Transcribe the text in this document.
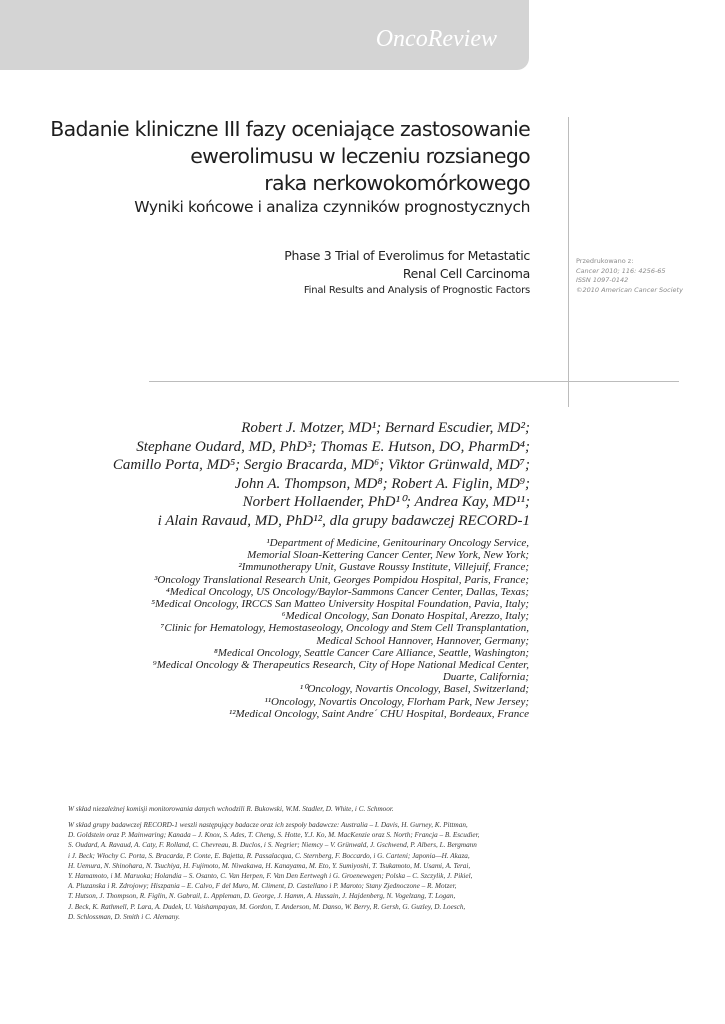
OncoReview
Badanie kliniczne III fazy oceniające zastosowanie
ewerolimusu w leczeniu rozsianego
raka nerkowokomórkowego
Wyniki końcowe i analiza czynników prognostycznych
Phase 3 Trial of Everolimus for Metastatic
Renal Cell Carcinoma
Final Results and Analysis of Prognostic Factors
Przedrukowano z:
Cancer 2010; 116: 4256-65
ISSN 1097-0142
©2010 American Cancer Society
Robert J. Motzer, MD¹; Bernard Escudier, MD²;
Stephane Oudard, MD, PhD³; Thomas E. Hutson, DO, PharmD⁴;
Camillo Porta, MD⁵; Sergio Bracarda, MD⁶; Viktor Grünwald, MD⁷;
John A. Thompson, MD⁸; Robert A. Figlin, MD⁹;
Norbert Hollaender, PhD¹⁰; Andrea Kay, MD¹¹;
i Alain Ravaud, MD, PhD¹², dla grupy badawczej RECORD-1
¹Department of Medicine, Genitourinary Oncology Service,
Memorial Sloan-Kettering Cancer Center, New York, New York;
²Immunotherapy Unit, Gustave Roussy Institute, Villejuif, France;
³Oncology Translational Research Unit, Georges Pompidou Hospital, Paris, France;
⁴Medical Oncology, US Oncology/Baylor-Sammons Cancer Center, Dallas, Texas;
⁵Medical Oncology, IRCCS San Matteo University Hospital Foundation, Pavia, Italy;
⁶Medical Oncology, San Donato Hospital, Arezzo, Italy;
⁷Clinic for Hematology, Hemostaseology, Oncology and Stem Cell Transplantation,
Medical School Hannover, Hannover, Germany;
⁸Medical Oncology, Seattle Cancer Care Alliance, Seattle, Washington;
⁹Medical Oncology & Therapeutics Research, City of Hope National Medical Center,
Duarte, California;
¹⁰Oncology, Novartis Oncology, Basel, Switzerland;
¹¹Oncology, Novartis Oncology, Florham Park, New Jersey;
¹²Medical Oncology, Saint Andre´ CHU Hospital, Bordeaux, France
W skład niezależnej komisji monitorowania danych wchodzili R. Bukowski, W.M. Stadler, D. White, i C. Schmoor.
W skład grupy badawczej RECORD-1 weszli następujący badacze oraz ich zespoły badawcze: Australia – I. Davis, H. Gurney, K. Pittman,
D. Goldstein oraz P. Mainwaring; Kanada – J. Knox, S. Ades, T. Cheng, S. Hotte, Y.J. Ko, M. MacKenzie oraz S. North; Francja – B. Escudier,
S. Oudard, A. Ravaud, A. Caty, F. Rolland, C. Chevreau, B. Duclos, i S. Negrier; Niemcy – V. Grünwald, J. Gschwend, P. Albers, L. Bergmann
i J. Beck; Włochy C. Porta, S. Bracarda, P. Conte, E. Bajetta, R. Passalacqua, C. Sternberg, F. Boccardo, i G. Carteni; Japonia—H. Akaza,
H. Uemura, N. Shinohara, N. Tsuchiya, H. Fujimoto, M. Niwakawa, H. Kanayama, M. Eto, Y. Sumiyoshi, T. Tsukamoto, M. Usami, A. Terai,
Y. Hamamoto, i M. Maruoka; Holandia – S. Osanto, C. Van Herpen, F. Van Den Eertwegh i G. Groenewegen; Polska – C. Szczylik, J. Pikiel,
A. Pluzanska i R. Zdrojowy; Hiszpania – E. Calvo, F del Muro, M. Climent, D. Castellano i P. Maroto; Stany Zjednoczone – R. Motzer,
T. Hutson, J. Thompson, R. Figlin, N. Gabrail, L. Appleman, D. George, J. Hamm, A. Hussain, J. Hajdenberg, N. Vogelzang, T. Logan,
J. Beck, K. Rathmell, P. Lara, A. Dudek, U. Vaishampayan, M. Gordon, T. Anderson, M. Danso, W. Berry, R. Gersh, G. Guzley, D. Loesch,
D. Schlossman, D. Smith i C. Alemany.
